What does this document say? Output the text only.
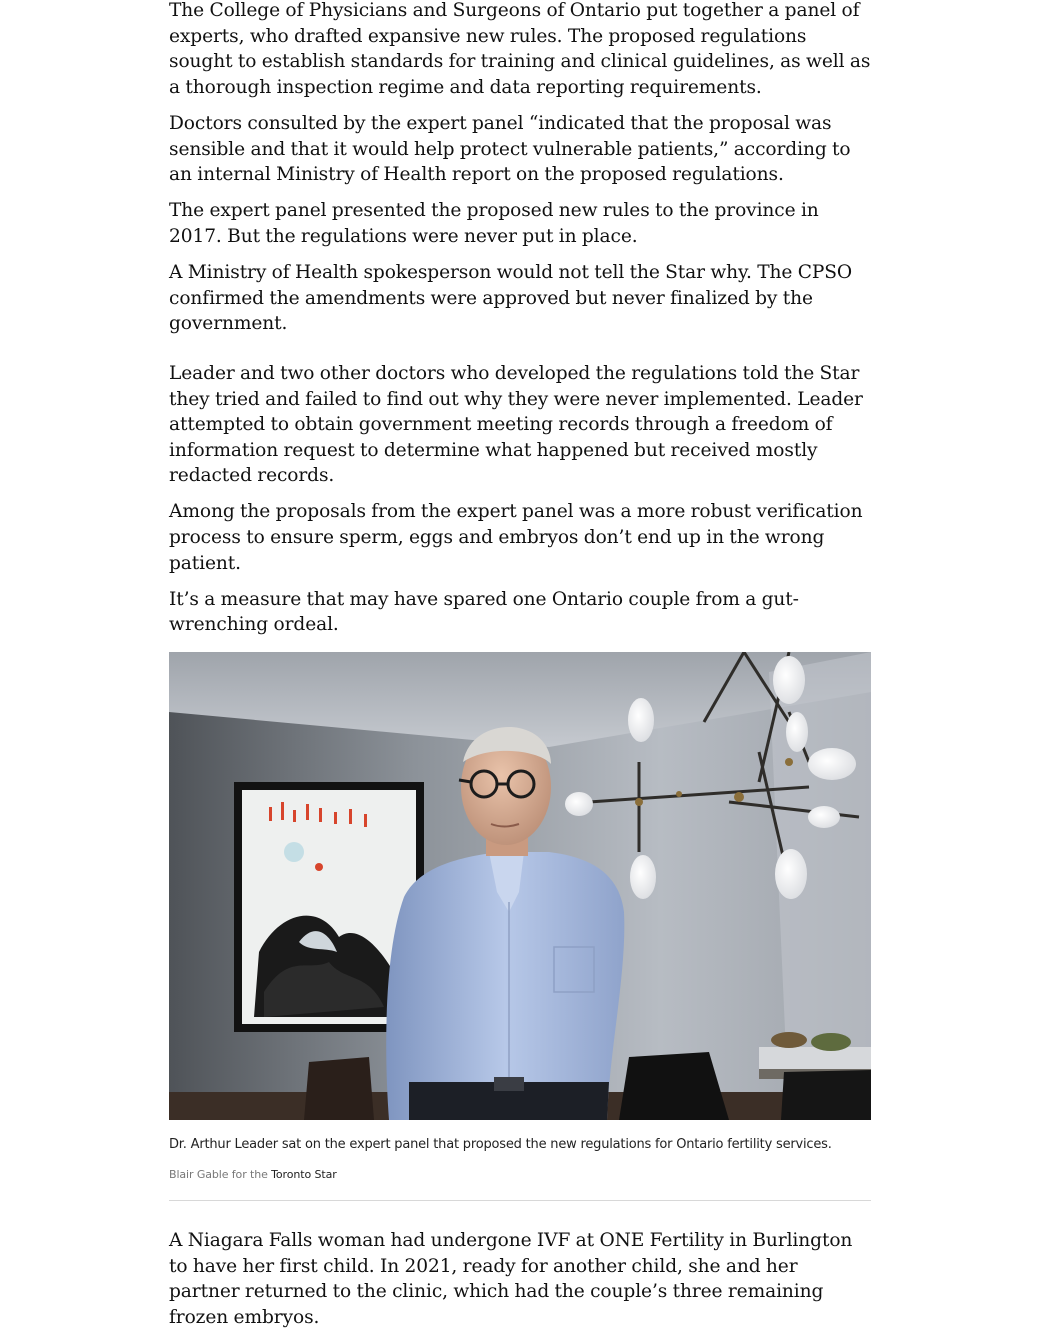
The College of Physicians and Surgeons of Ontario put together a panel of experts, who drafted expansive new rules. The proposed regulations sought to establish standards for training and clinical guidelines, as well as a thorough inspection regime and data reporting requirements.

Doctors consulted by the expert panel “indicated that the proposal was sensible and that it would help protect vulnerable patients,” according to an internal Ministry of Health report on the proposed regulations.

The expert panel presented the proposed new rules to the province in 2017. But the regulations were never put in place.

A Ministry of Health spokesperson would not tell the Star why. The CPSO confirmed the amendments were approved but never finalized by the government.

Leader and two other doctors who developed the regulations told the Star they tried and failed to find out why they were never implemented. Leader attempted to obtain government meeting records through a freedom of information request to determine what happened but received mostly redacted records.

Among the proposals from the expert panel was a more robust verification process to ensure sperm, eggs and embryos don’t end up in the wrong patient.

It’s a measure that may have spared one Ontario couple from a gut-wrenching ordeal.

Dr. Arthur Leader sat on the expert panel that proposed the new regulations for Ontario fertility services.
Blair Gable for the Toronto Star

A Niagara Falls woman had undergone IVF at ONE Fertility in Burlington to have her first child. In 2021, ready for another child, she and her partner returned to the clinic, which had the couple’s three remaining frozen embryos.
